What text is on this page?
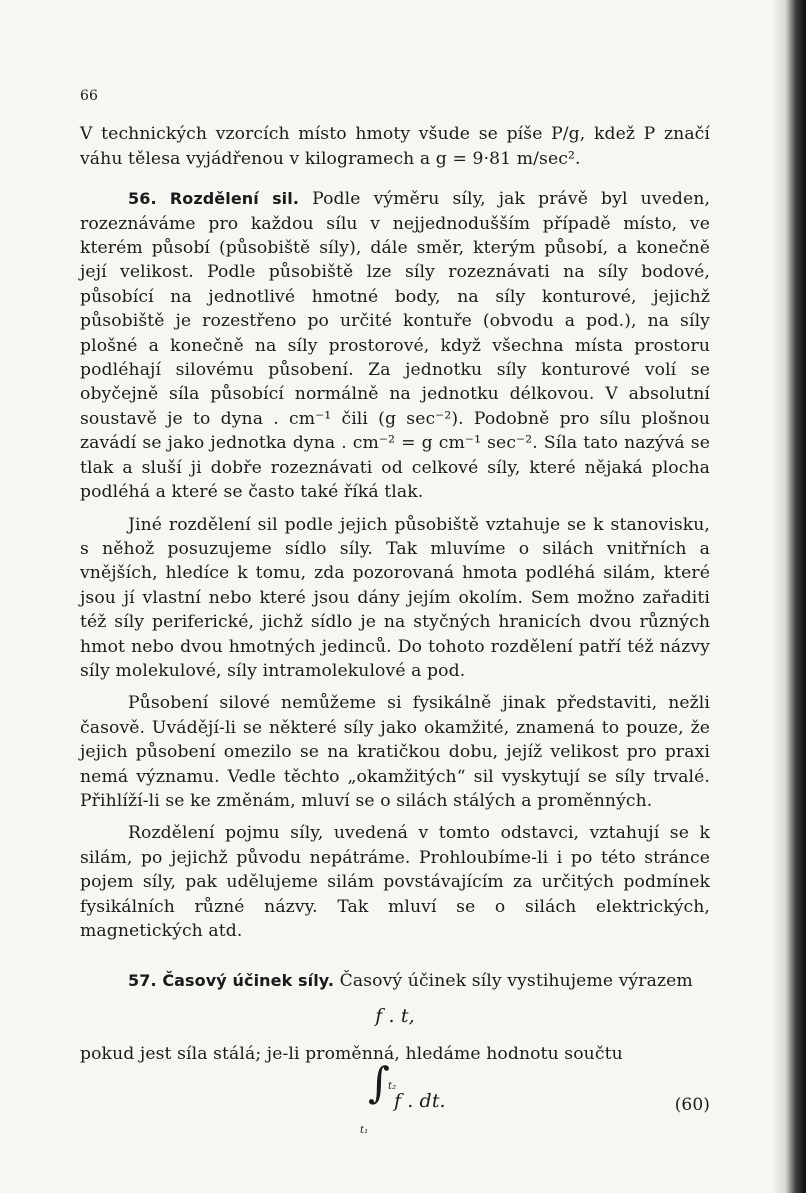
66

V technických vzorcích místo hmoty všude se píše P/g, kdež P značí váhu tělesa vyjádřenou v kilogramech a g = 9·81 m/sec².

56. Rozdělení sil. Podle výměru síly, jak právě byl uveden, rozeznáváme pro každou sílu v nejjednodušším případě místo, ve kterém působí (působiště síly), dále směr, kterým působí, a konečně její velikost. Podle působiště lze síly rozeznávati na síly bodové, působící na jednotlivé hmotné body, na síly konturové, jejichž působiště je rozestřeno po určité kontuře (obvodu a pod.), na síly plošné a konečně na síly prostorové, když všechna místa prostoru podléhají silovému působení. Za jednotku síly konturové volí se obyčejně síla působící normálně na jednotku délkovou. V absolutní soustavě je to dyna . cm⁻¹ čili (g sec⁻²). Podobně pro sílu plošnou zavádí se jako jednotka dyna . cm⁻² = g cm⁻¹ sec⁻². Síla tato nazývá se tlak a sluší ji dobře rozeznávati od celkové síly, které nějaká plocha podléhá a které se často také říká tlak.

Jiné rozdělení sil podle jejich působiště vztahuje se k stanovisku, s něhož posuzujeme sídlo síly. Tak mluvíme o silách vnitřních a vnějších, hledíce k tomu, zda pozorovaná hmota podléhá silám, které jsou jí vlastní nebo které jsou dány jejím okolím. Sem možno zařaditi též síly periferické, jichž sídlo je na styčných hranicích dvou různých hmot nebo dvou hmotných jedinců. Do tohoto rozdělení patří též názvy síly molekulové, síly intramolekulové a pod.

Působení silové nemůžeme si fysikálně jinak představiti, nežli časově. Uvádějí-li se některé síly jako okamžité, znamená to pouze, že jejich působení omezilo se na kratičkou dobu, jejíž velikost pro praxi nemá významu. Vedle těchto „okamžitých“ sil vyskytují se síly trvalé. Přihlíží-li se ke změnám, mluví se o silách stálých a proměnných.

Rozdělení pojmu síly, uvedená v tomto odstavci, vztahují se k silám, po jejichž původu nepátráme. Prohloubíme-li i po této stránce pojem síly, pak udělujeme silám povstávajícím za určitých podmínek fysikálních různé názvy. Tak mluví se o silách elektrických, magnetických atd.

57. Časový účinek síly. Časový účinek síly vystihujeme výrazem

f . t,

pokud jest síla stálá; je-li proměnná, hledáme hodnotu součtu

∫
t₂
t₁
f . dt.	(60)
